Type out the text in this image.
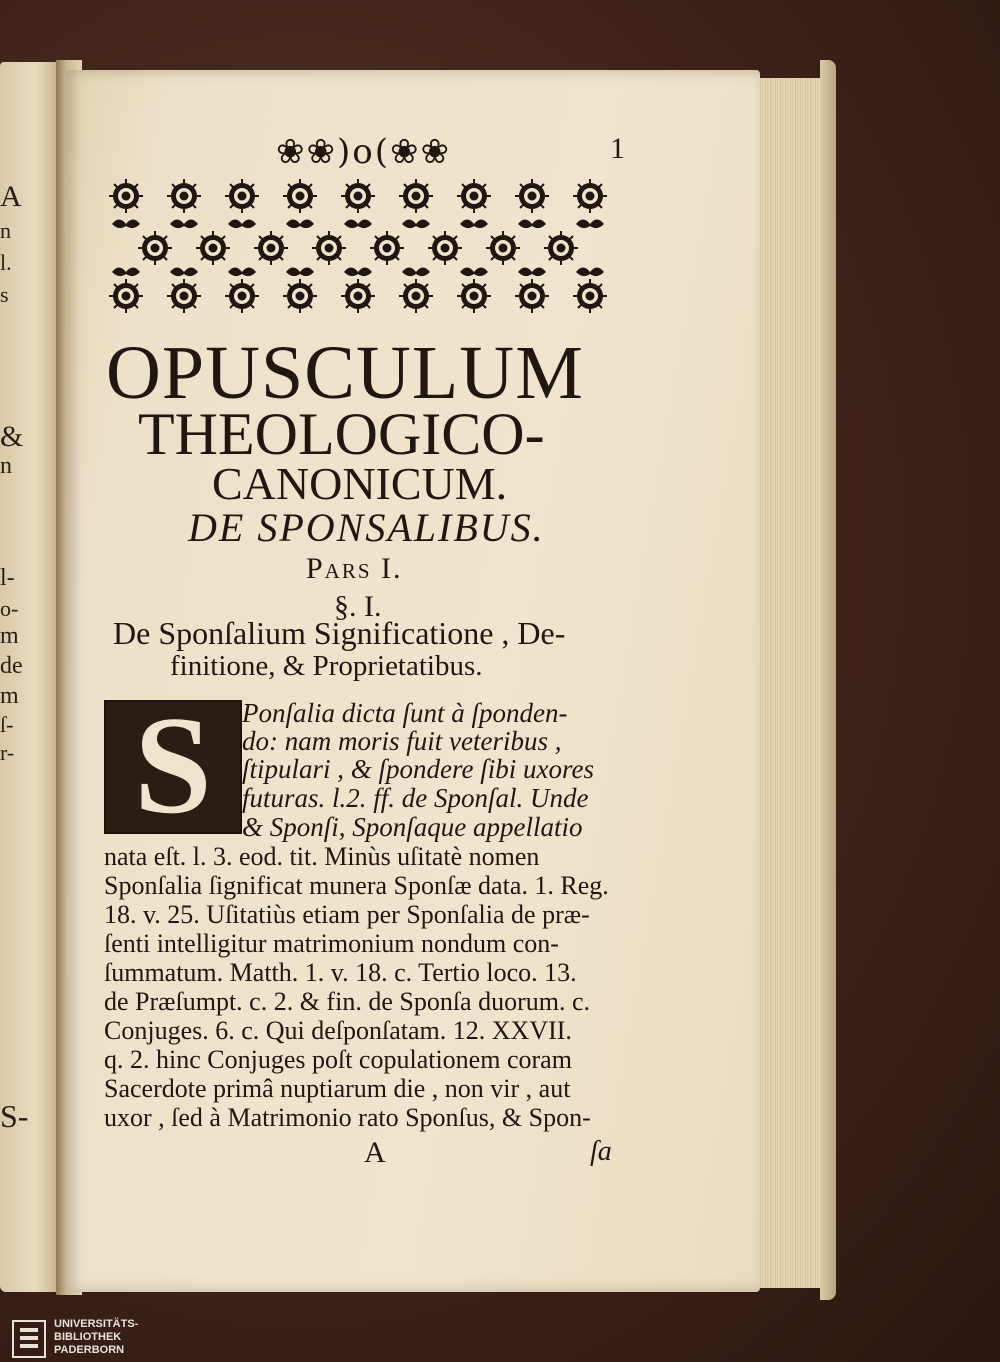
A
n
l.
s
&
n
l-
o-
m
de
m
ſ-
r-
S-
❀❀)o(❀❀	1
OPUSCULUM
THEOLOGICO-
CANONICUM.
DE SPONSALIBUS.
Pars I.
§. I.
De Sponſalium Significatione , De-
finitione, & Proprietatibus.
S	Ponſalia dicta ſunt à ſponden-
do: nam moris fuit veteribus ,
ſtipulari , & ſpondere ſibi uxores
futuras. l.2. ff. de Sponſal. Unde
& Sponſi, Sponſaque appellatio
nata eſt. l. 3. eod. tit. Minùs uſitatè nomen
Sponſalia ſignificat munera Sponſæ data. 1. Reg.
18. v. 25. Uſitatiùs etiam per Sponſalia de præ-
ſenti intelligitur matrimonium nondum con-
ſummatum. Matth. 1. v. 18. c. Tertio loco. 13.
de Præſumpt. c. 2. & fin. de Sponſa duorum. c.
Conjuges. 6. c. Qui deſponſatam. 12. XXVII.
q. 2. hinc Conjuges poſt copulationem coram
Sacerdote primâ nuptiarum die , non vir , aut
uxor , ſed à Matrimonio rato Sponſus, & Spon-
A	ſa
UNIVERSITÄTS-
BIBLIOTHEK
PADERBORN
